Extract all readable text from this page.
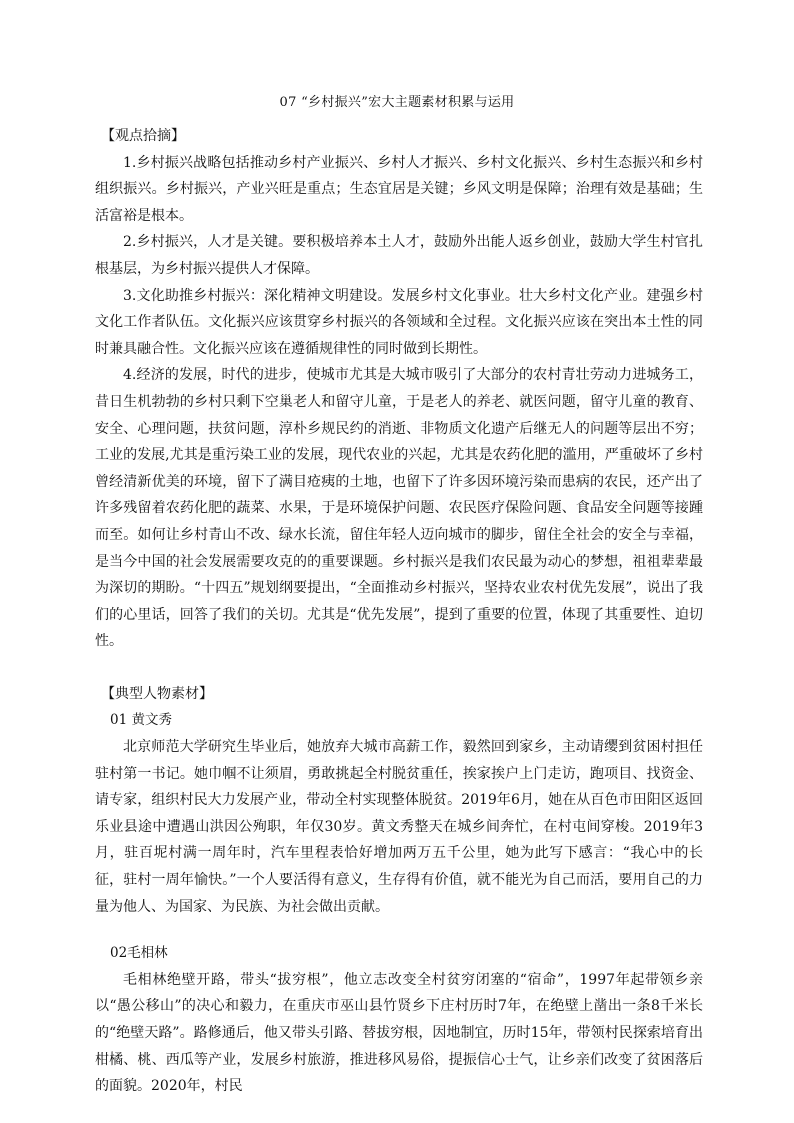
07 “乡村振兴”宏大主题素材积累与运用

【观点拾摘】

1.乡村振兴战略包括推动乡村产业振兴、乡村人才振兴、乡村文化振兴、乡村生态振兴和乡村组织振兴。乡村振兴，产业兴旺是重点；生态宜居是关键；乡风文明是保障；治理有效是基础；生活富裕是根本。

2.乡村振兴，人才是关键。要积极培养本土人才，鼓励外出能人返乡创业，鼓励大学生村官扎根基层，为乡村振兴提供人才保障。

3.文化助推乡村振兴：深化精神文明建设。发展乡村文化事业。壮大乡村文化产业。建强乡村文化工作者队伍。文化振兴应该贯穿乡村振兴的各领域和全过程。文化振兴应该在突出本土性的同时兼具融合性。文化振兴应该在遵循规律性的同时做到长期性。

4.经济的发展，时代的进步，使城市尤其是大城市吸引了大部分的农村青壮劳动力进城务工，昔日生机勃勃的乡村只剩下空巢老人和留守儿童，于是老人的养老、就医问题，留守儿童的教育、安全、心理问题，扶贫问题，淳朴乡规民约的消逝、非物质文化遗产后继无人的问题等层出不穷；工业的发展,尤其是重污染工业的发展，现代农业的兴起，尤其是农药化肥的滥用，严重破坏了乡村曾经清新优美的环境，留下了满目疮痍的土地，也留下了许多因环境污染而患病的农民，还产出了许多残留着农药化肥的蔬菜、水果，于是环境保护问题、农民医疗保险问题、食品安全问题等接踵而至。如何让乡村青山不改、绿水长流，留住年轻人迈向城市的脚步，留住全社会的安全与幸福，是当今中国的社会发展需要攻克的的重要课题。乡村振兴是我们农民最为动心的梦想，祖祖辈辈最为深切的期盼。“十四五”规划纲要提出，“全面推动乡村振兴，坚持农业农村优先发展”，说出了我们的心里话，回答了我们的关切。尤其是“优先发展”，提到了重要的位置，体现了其重要性、迫切性。

【典型人物素材】

01 黄文秀

北京师范大学研究生毕业后，她放弃大城市高薪工作，毅然回到家乡，主动请缨到贫困村担任驻村第一书记。她巾帼不让须眉，勇敢挑起全村脱贫重任，挨家挨户上门走访，跑项目、找资金、请专家，组织村民大力发展产业，带动全村实现整体脱贫。2019年6月，她在从百色市田阳区返回乐业县途中遭遇山洪因公殉职，年仅30岁。黄文秀整天在城乡间奔忙，在村屯间穿梭。2019年3月，驻百坭村满一周年时，汽车里程表恰好增加两万五千公里，她为此写下感言：“我心中的长征，驻村一周年愉快。”一个人要活得有意义，生存得有价值，就不能光为自己而活，要用自己的力量为他人、为国家、为民族、为社会做出贡献。

02毛相林

毛相林绝壁开路，带头“拔穷根”，他立志改变全村贫穷闭塞的“宿命”，1997年起带领乡亲以“愚公移山”的决心和毅力，在重庆市巫山县竹贤乡下庄村历时7年，在绝壁上凿出一条8千米长的“绝壁天路”。路修通后，他又带头引路、替拔穷根，因地制宜，历时15年，带领村民探索培育出柑橘、桃、西瓜等产业，发展乡村旅游，推进移风易俗，提振信心士气，让乡亲们改变了贫困落后的面貌。2020年，村民
